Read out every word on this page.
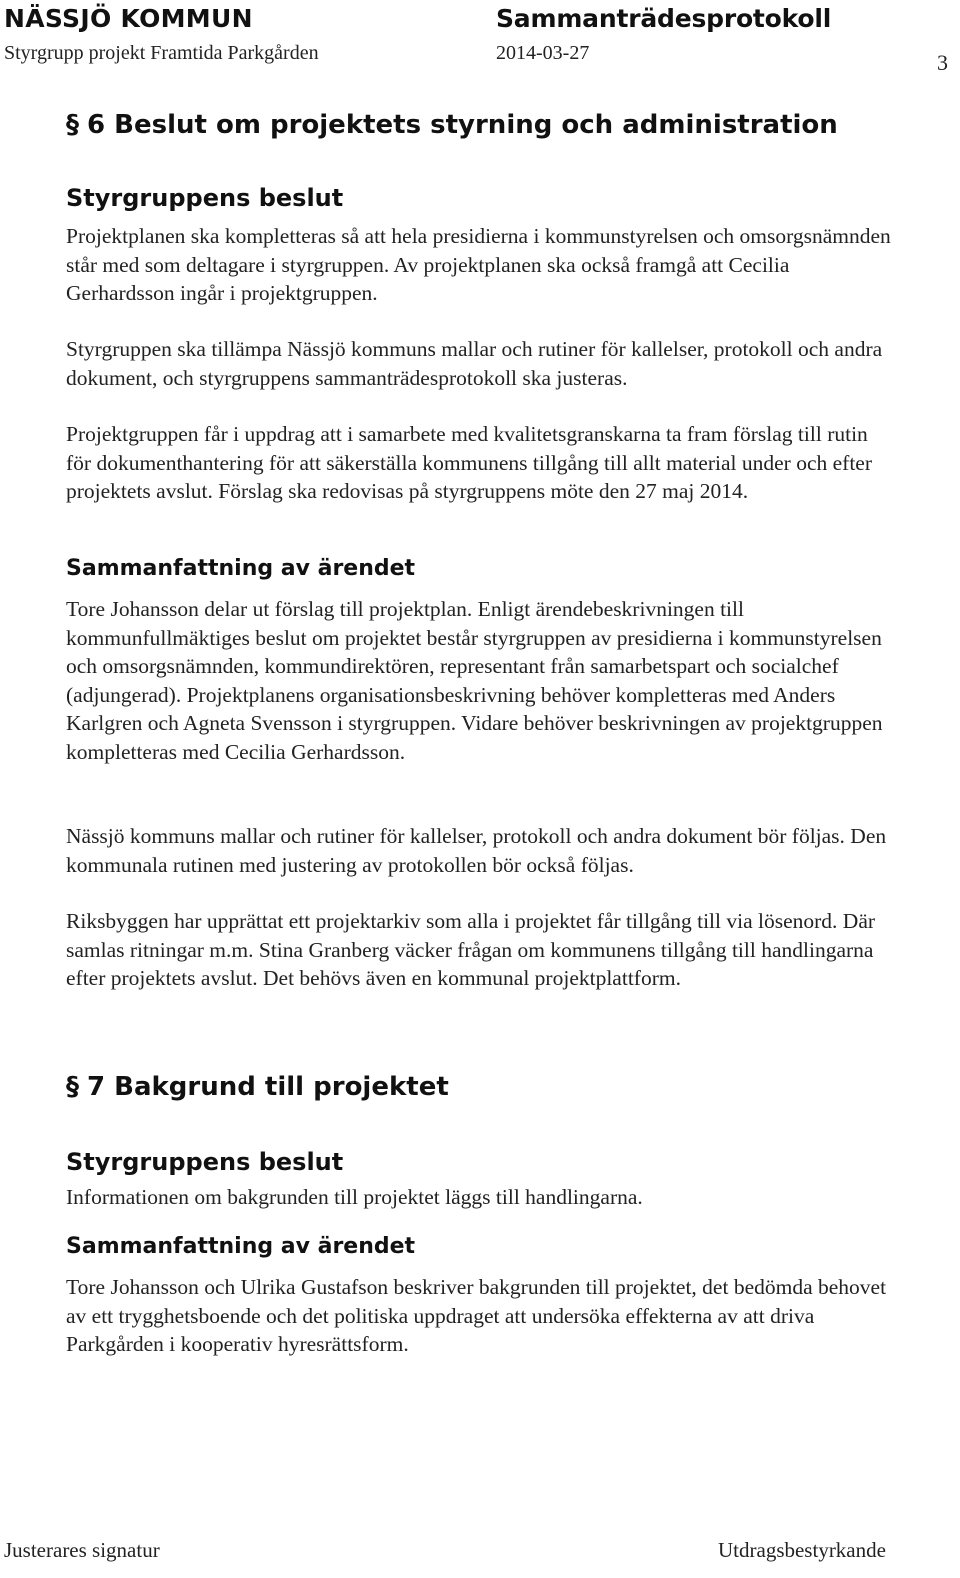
NÄSSJÖ KOMMUN	Sammanträdesprotokoll
Styrgrupp projekt Framtida Parkgården	2014-03-27	3
§ 6 Beslut om projektets styrning och administration
Styrgruppens beslut

Projektplanen ska kompletteras så att hela presidierna i kommunstyrelsen och omsorgsnämnden står med som deltagare i styrgruppen. Av projektplanen ska också framgå att Cecilia Gerhardsson ingår i projektgruppen.

Styrgruppen ska tillämpa Nässjö kommuns mallar och rutiner för kallelser, protokoll och andra dokument, och styrgruppens sammanträdesprotokoll ska justeras.

Projektgruppen får i uppdrag att i samarbete med kvalitetsgranskarna ta fram förslag till rutin för dokumenthantering för att säkerställa kommunens tillgång till allt material under och efter projektets avslut. Förslag ska redovisas på styrgruppens möte den 27 maj 2014.

Sammanfattning av ärendet

Tore Johansson delar ut förslag till projektplan. Enligt ärendebeskrivningen till kommunfullmäktiges beslut om projektet består styrgruppen av presidierna i kommunstyrelsen och omsorgsnämnden, kommundirektören, representant från samarbetspart och socialchef (adjungerad). Projektplanens organisationsbeskrivning behöver kompletteras med Anders Karlgren och Agneta Svensson i styrgruppen. Vidare behöver beskrivningen av projektgruppen kompletteras med Cecilia Gerhardsson.

Nässjö kommuns mallar och rutiner för kallelser, protokoll och andra dokument bör följas. Den kommunala rutinen med justering av protokollen bör också följas.

Riksbyggen har upprättat ett projektarkiv som alla i projektet får tillgång till via lösenord. Där samlas ritningar m.m. Stina Granberg väcker frågan om kommunens tillgång till handlingarna efter projektets avslut. Det behövs även en kommunal projektplattform.

§ 7 Bakgrund till projektet
Styrgruppens beslut

Informationen om bakgrunden till projektet läggs till handlingarna.

Sammanfattning av ärendet

Tore Johansson och Ulrika Gustafson beskriver bakgrunden till projektet, det bedömda behovet av ett trygghetsboende och det politiska uppdraget att undersöka effekterna av att driva Parkgården i kooperativ hyresrättsform.

Justerares signatur	Utdragsbestyrkande
